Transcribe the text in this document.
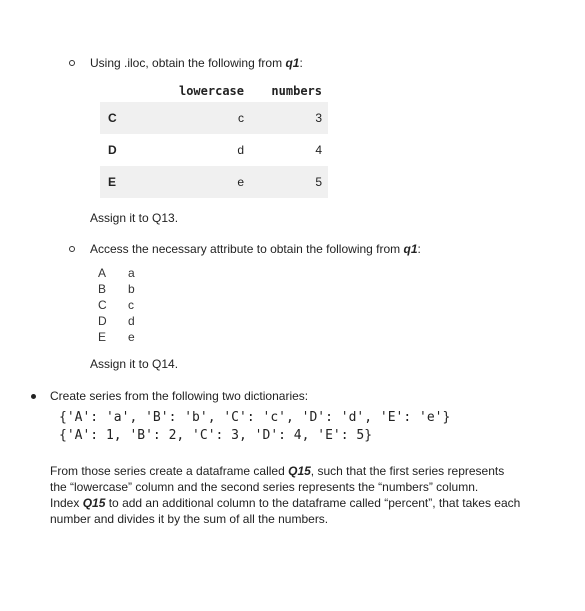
Using .iloc, obtain the following from q1:
	lowercase	numbers
C	c	3
D	d	4
E	e	5
Assign it to Q13.
Access the necessary attribute to obtain the following from q1:
A a
B b
C c
D d
E e
Assign it to Q14.
Create series from the following two dictionaries:
{'A': 'a', 'B': 'b', 'C': 'c', 'D': 'd', 'E': 'e'}
{'A': 1, 'B': 2, 'C': 3, 'D': 4, 'E': 5}
From those series create a dataframe called Q15, such that the first series represents
the “lowercase” column and the second series represents the “numbers” column.
Index Q15 to add an additional column to the dataframe called “percent”, that takes each
number and divides it by the sum of all the numbers.
